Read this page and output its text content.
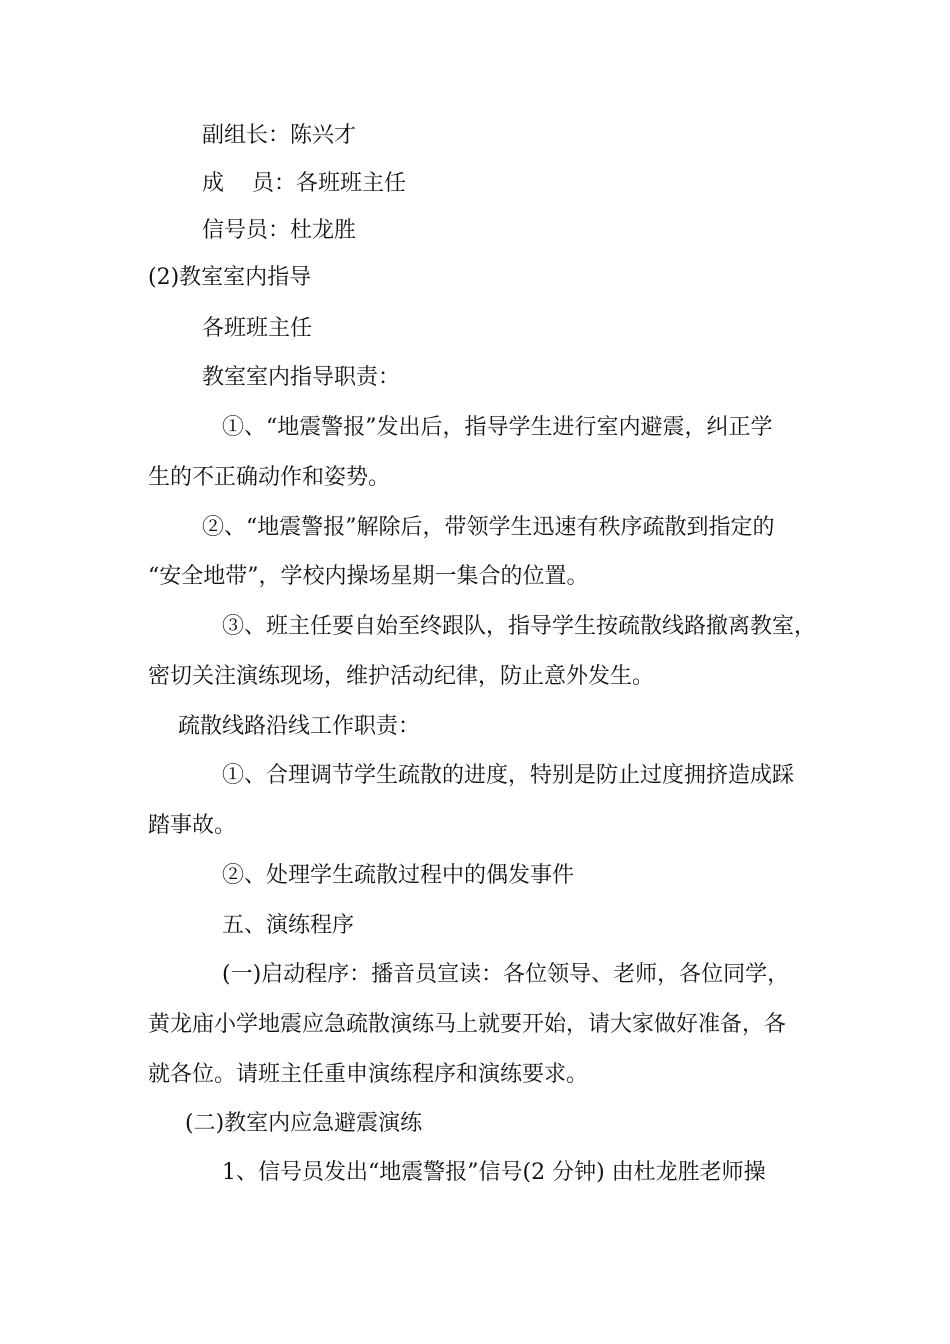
副组长：陈兴才
成    员：各班班主任
信号员：杜龙胜
(2)教室室内指导
各班班主任
教室室内指导职责：
①、“地震警报”发出后，指导学生进行室内避震，纠正学
生的不正确动作和姿势。
②、“地震警报”解除后，带领学生迅速有秩序疏散到指定的
“安全地带”，学校内操场星期一集合的位置。
③、班主任要自始至终跟队，指导学生按疏散线路撤离教室，
密切关注演练现场，维护活动纪律，防止意外发生。
疏散线路沿线工作职责：
①、合理调节学生疏散的进度，特别是防止过度拥挤造成踩
踏事故。
②、处理学生疏散过程中的偶发事件
五、演练程序
(一)启动程序：播音员宣读：各位领导、老师，各位同学，
黄龙庙小学地震应急疏散演练马上就要开始，请大家做好准备，各
就各位。请班主任重申演练程序和演练要求。
(二)教室内应急避震演练
1、信号员发出“地震警报”信号(2 分钟) 由杜龙胜老师操
